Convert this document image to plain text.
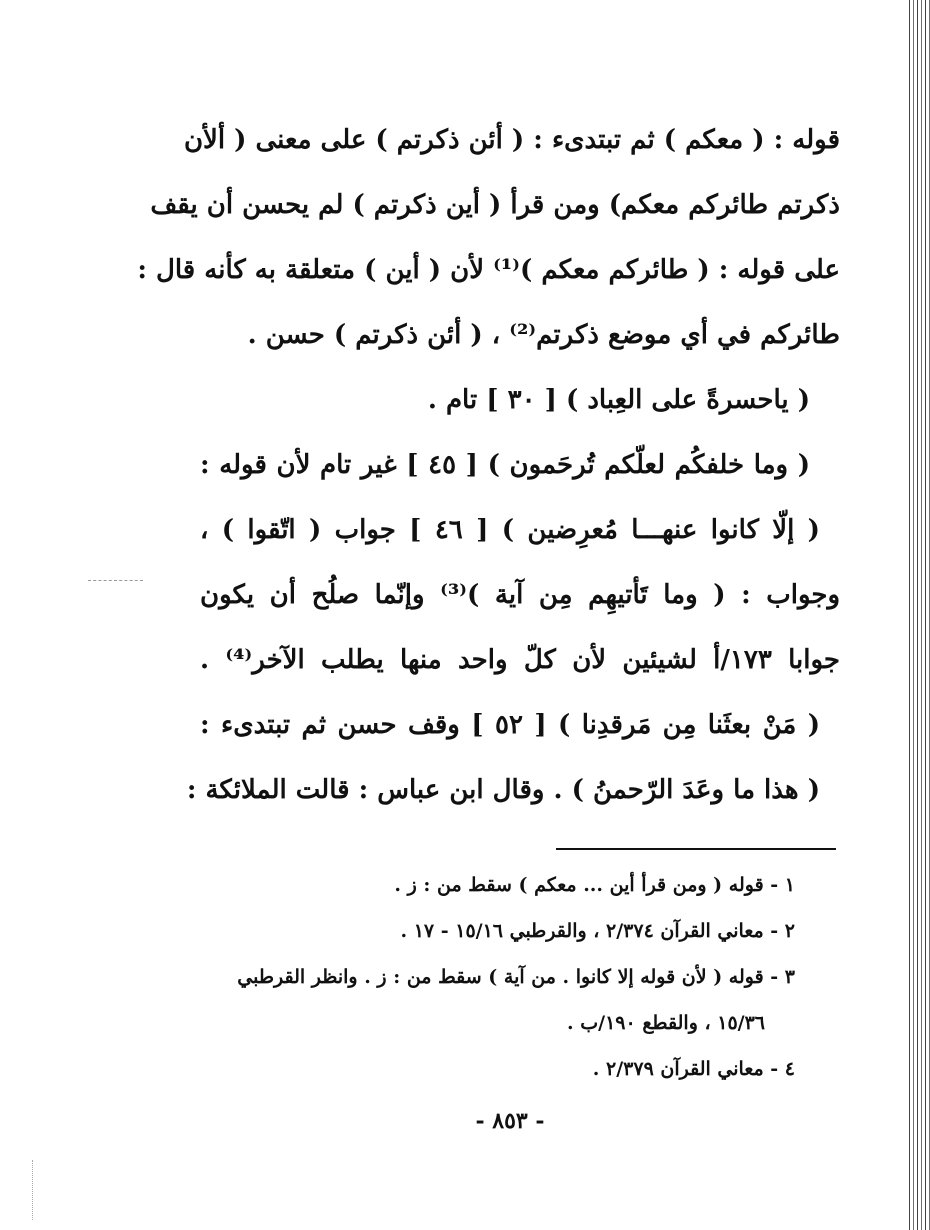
قوله : ( معكم ) ثم تبتدىء : ( أئن ذكرتم ) على معنى ( ألأن
ذكرتم طائركم معكم) ومن قرأ ( أين ذكرتم ) لم يحسن أن يقف
على قوله : ( طائركم معكم )⁽¹⁾ لأن ( أين ) متعلقة به كأنه قال :
طائركم في أي موضع ذكرتم⁽²⁾ ، ( أئن ذكرتم ) حسن .
( ياحسرةً على العِباد ) [ ٣٠ ] تام .
( وما خلفكُم لعلّكم تُرحَمون ) [ ٤٥ ] غير تام لأن قوله :
( إلّا كانوا عنهـــا مُعرِضين ) [ ٤٦ ] جواب ( اتّقوا ) ،
وجواب : ( وما تَأتيهِم مِن آية )⁽³⁾ وإنّما صلُح أن يكون
جوابا ١٧٣/أ لشيئين لأن كلّ واحد منها يطلب الآخر⁽⁴⁾ .
( مَنْ بعثَنا مِن مَرقدِنا ) [ ٥٢ ] وقف حسن ثم تبتدىء :
( هذا ما وعَدَ الرّحمنُ ) . وقال ابن عباس : قالت الملائكة :
١ - قوله ( ومن قرأ أين ... معكم ) سقط من : ز .
٢ - معاني القرآن ٢/٣٧٤ ، والقرطبي ١٥/١٦ - ١٧ .
٣ - قوله ( لأن قوله إلا كانوا . من آية ) سقط من : ز . وانظر القرطبي
١٥/٣٦ ، والقطع ١٩٠/ب .
٤ - معاني القرآن ٢/٣٧٩ .
- ٨٥٣ -
